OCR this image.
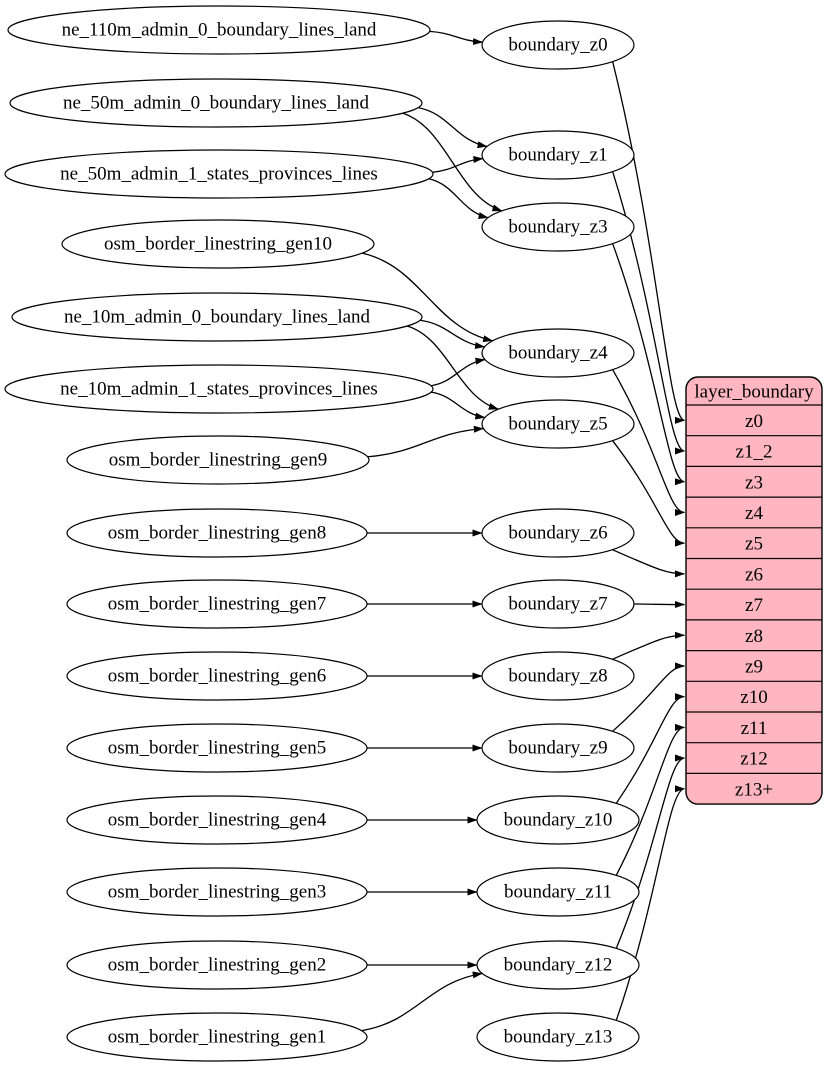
ne_110m_admin_0_boundary_lines_land
ne_50m_admin_0_boundary_lines_land
ne_50m_admin_1_states_provinces_lines
osm_border_linestring_gen10
ne_10m_admin_0_boundary_lines_land
ne_10m_admin_1_states_provinces_lines
osm_border_linestring_gen9
osm_border_linestring_gen8
osm_border_linestring_gen7
osm_border_linestring_gen6
osm_border_linestring_gen5
osm_border_linestring_gen4
osm_border_linestring_gen3
osm_border_linestring_gen2
osm_border_linestring_gen1
boundary_z0
boundary_z1
boundary_z3
boundary_z4
boundary_z5
boundary_z6
boundary_z7
boundary_z8
boundary_z9
boundary_z10
boundary_z11
boundary_z12
boundary_z13
layer_boundary
z0
z1_2
z3
z4
z5
z6
z7
z8
z9
z10
z11
z12
z13+
